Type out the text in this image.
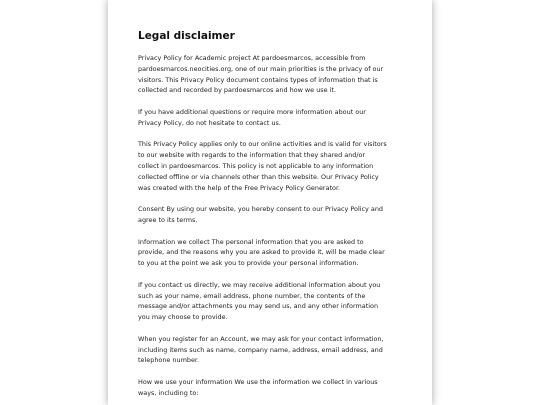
Legal disclaimer

Privacy Policy for Academic project At pardoesmarcos, accessible from pardoesmarcos.neocities.org, one of our main priorities is the privacy of our visitors. This Privacy Policy document contains types of information that is collected and recorded by pardoesmarcos and how we use it.

If you have additional questions or require more information about our Privacy Policy, do not hesitate to contact us.

This Privacy Policy applies only to our online activities and is valid for visitors to our website with regards to the information that they shared and/or collect in pardoesmarcos. This policy is not applicable to any information collected offline or via channels other than this website. Our Privacy Policy was created with the help of the Free Privacy Policy Generator.

Consent By using our website, you hereby consent to our Privacy Policy and agree to its terms.

Information we collect The personal information that you are asked to provide, and the reasons why you are asked to provide it, will be made clear to you at the point we ask you to provide your personal information.

If you contact us directly, we may receive additional information about you such as your name, email address, phone number, the contents of the message and/or attachments you may send us, and any other information you may choose to provide.

When you register for an Account, we may ask for your contact information, including items such as name, company name, address, email address, and telephone number.

How we use your information We use the information we collect in various ways, including to:
